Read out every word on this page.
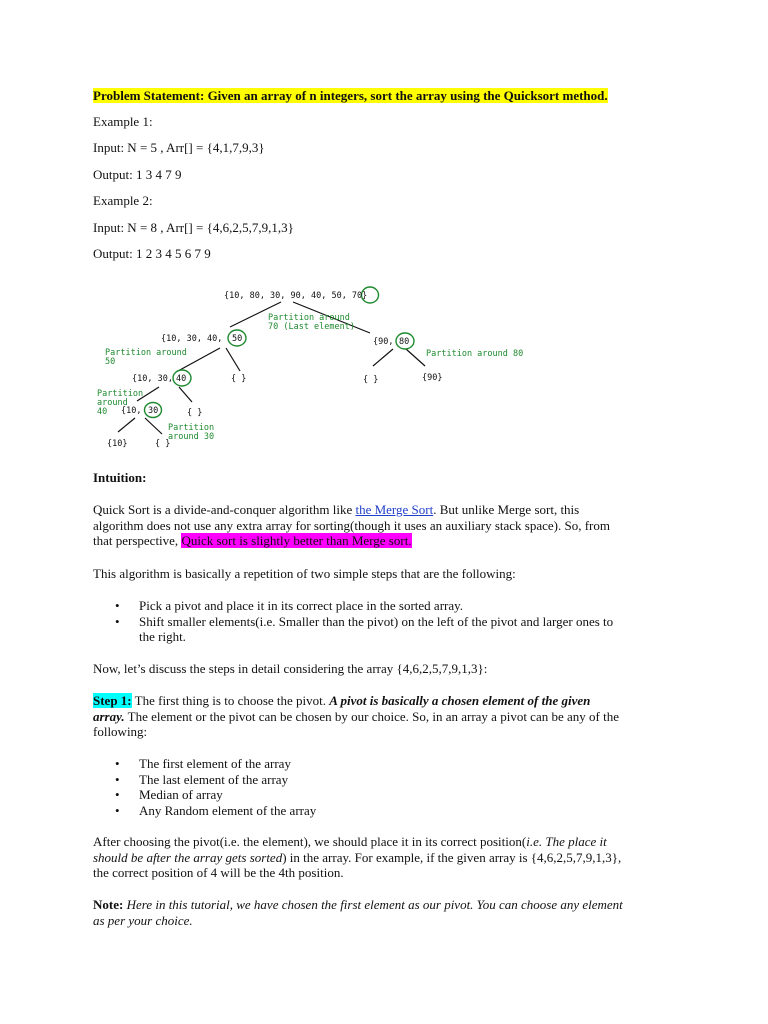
Problem Statement: Given an array of n integers, sort the array using the Quicksort method.
Example 1:
Input: N = 5 , Arr[] = {4,1,7,9,3}
Output: 1 3 4 7 9
Example 2:
Input: N = 8 , Arr[] = {4,6,2,5,7,9,1,3}
Output: 1 2 3 4 5 6 7 9
{10, 80, 30, 90, 40, 50, 70}
{10, 30, 40, 50	{90, 80
{10, 30, 40	{ }	{ }	{90}
{10, 30	{ }
{10}	{ }
Partition around
70 (Last element)
Partition around
50
Partition around 80
Partition
around
40
Partition
around 30
Intuition:
Quick Sort is a divide-and-conquer algorithm like the Merge Sort. But unlike Merge sort, this
algorithm does not use any extra array for sorting(though it uses an auxiliary stack space). So, from
that perspective, Quick sort is slightly better than Merge sort.
This algorithm is basically a repetition of two simple steps that are the following:
• Pick a pivot and place it in its correct place in the sorted array.
• Shift smaller elements(i.e. Smaller than the pivot) on the left of the pivot and larger ones to
the right.
Now, let’s discuss the steps in detail considering the array {4,6,2,5,7,9,1,3}:
Step 1: The first thing is to choose the pivot. A pivot is basically a chosen element of the given
array. The element or the pivot can be chosen by our choice. So, in an array a pivot can be any of the
following:
• The first element of the array
• The last element of the array
• Median of array
• Any Random element of the array
After choosing the pivot(i.e. the element), we should place it in its correct position(i.e. The place it
should be after the array gets sorted) in the array. For example, if the given array is {4,6,2,5,7,9,1,3},
the correct position of 4 will be the 4th position.
Note: Here in this tutorial, we have chosen the first element as our pivot. You can choose any element
as per your choice.
